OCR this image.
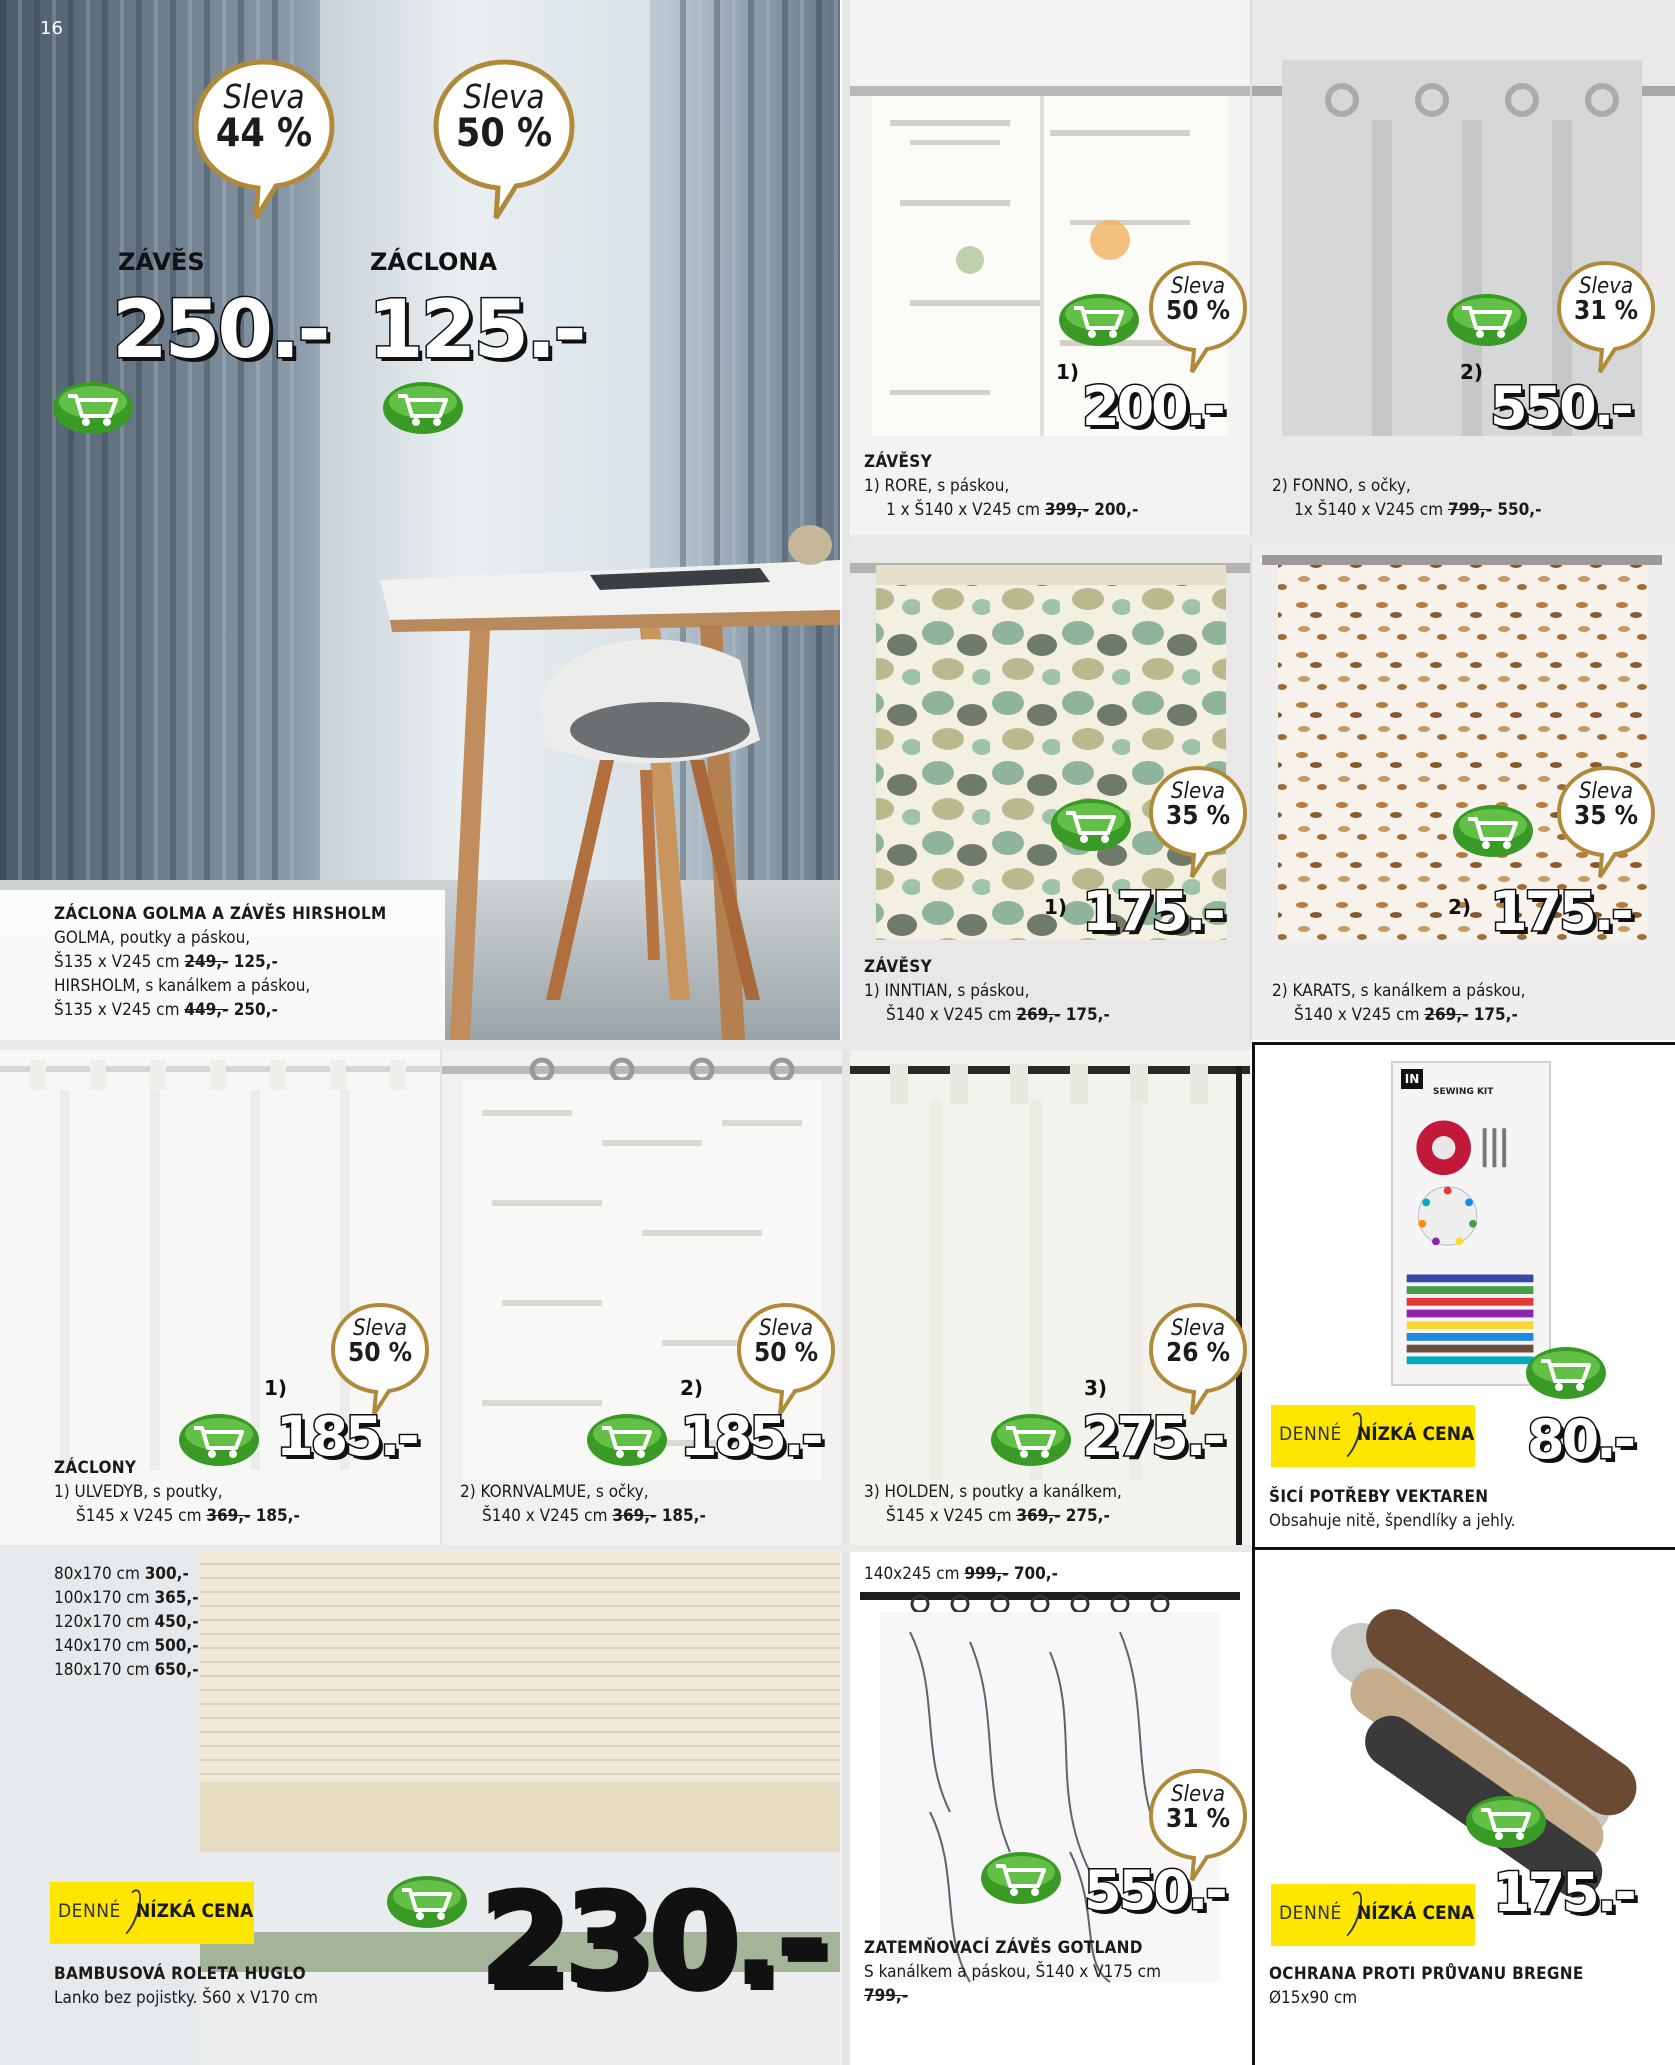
16
Sleva
44 %
Sleva
50 %
ZÁVĚS	ZÁCLONA
250.- 125.-
ZÁCLONA GOLMA A ZÁVĚS HIRSHOLM
GOLMA, poutky a páskou,
Š135 x V245 cm 249,- 125,-
HIRSHOLM, s kanálkem a páskou,
Š135 x V245 cm 449,- 250,-
Sleva
50 %
1)
200.-
ZÁVĚSY
1) RORE, s páskou,
1 x Š140 x V245 cm 399,- 200,-
Sleva
31 %
2)
550.-
2) FONNO, s očky,
1x Š140 x V245 cm 799,- 550,-
Sleva
35 %
1) 175.-
ZÁVĚSY
1) INNTIAN, s páskou,
Š140 x V245 cm 269,- 175,-
Sleva
35 %
2) 175.-
2) KARATS, s kanálkem a páskou,
Š140 x V245 cm 269,- 175,-
Sleva
50 %
1)
185.-
ZÁCLONY
1) ULVEDYB, s poutky,
Š145 x V245 cm 369,- 185,-
Sleva
50 %
2)
185.-
2) KORNVALMUE, s očky,
Š140 x V245 cm 369,- 185,-
Sleva
26 %
3)
275.-
3) HOLDEN, s poutky a kanálkem,
Š145 x V245 cm 369,- 275,-
IN
SEWING KIT
DENNÉ NÍZKÁ CENA 80.-
ŠICÍ POTŘEBY VEKTAREN
Obsahuje nitě, špendlíky a jehly.
80x170 cm 300,-
100x170 cm 365,-
120x170 cm 450,-
140x170 cm 500,-
180x170 cm 650,-
DENNÉ NÍZKÁ CENA 230.-
BAMBUSOVÁ ROLETA HUGLO
Lanko bez pojistky. Š60 x V170 cm
140x245 cm 999,- 700,-
Sleva
31 %
550.-
ZATEMŇOVACÍ ZÁVĚS GOTLAND
S kanálkem a páskou, Š140 x V175 cm
799,-
DENNÉ NÍZKÁ CENA 175.-
OCHRANA PROTI PRŮVANU BREGNE
Ø15x90 cm
